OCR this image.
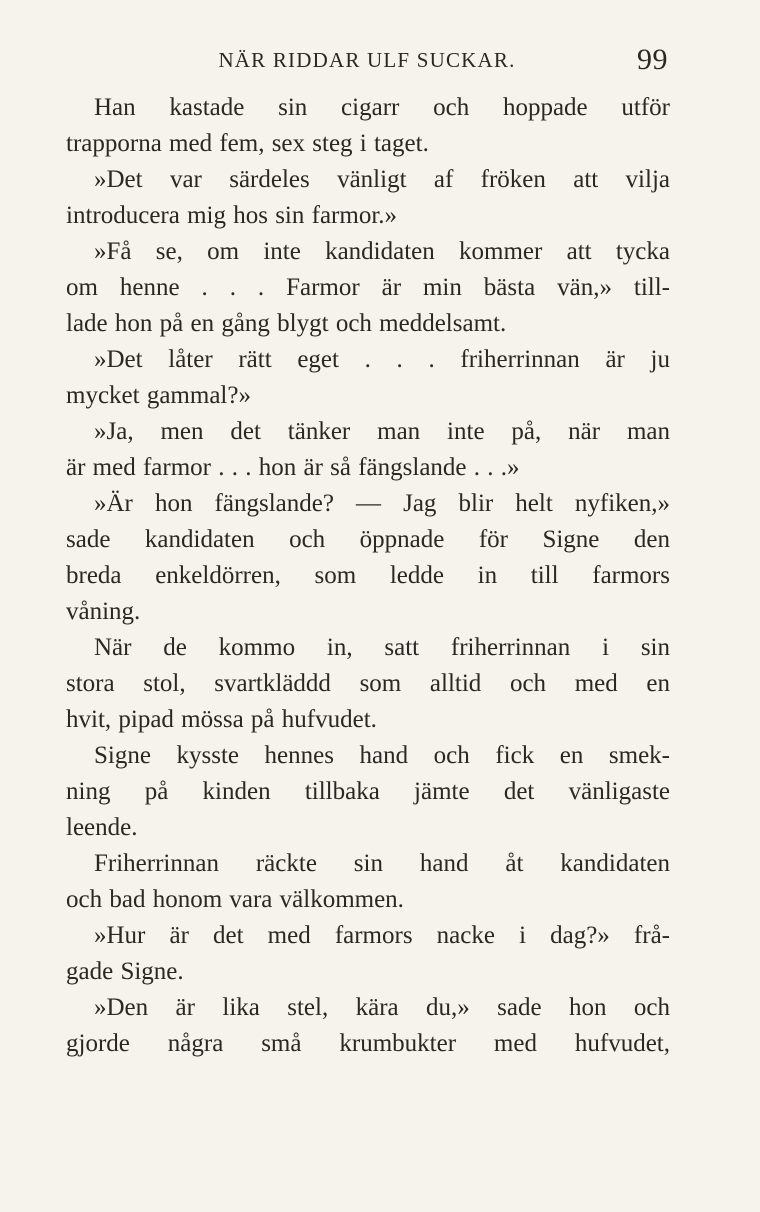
NÄR RIDDAR ULF SUCKAR.	99
Han kastade sin cigarr och hoppade utför
trapporna med fem, sex steg i taget.
»Det var särdeles vänligt af fröken att vilja
introducera mig hos sin farmor.»
»Få se, om inte kandidaten kommer att tycka
om henne . . . Farmor är min bästa vän,» till-
lade hon på en gång blygt och meddelsamt.
»Det låter rätt eget . . . friherrinnan är ju
mycket gammal?»
»Ja, men det tänker man inte på, när man
är med farmor . . . hon är så fängslande . . .»
»Är hon fängslande? — Jag blir helt nyfiken,»
sade kandidaten och öppnade för Signe den
breda enkeldörren, som ledde in till farmors
våning.
När de kommo in, satt friherrinnan i sin
stora stol, svartkläddd som alltid och med en
hvit, pipad mössa på hufvudet.
Signe kysste hennes hand och fick en smek-
ning på kinden tillbaka jämte det vänligaste
leende.
Friherrinnan räckte sin hand åt kandidaten
och bad honom vara välkommen.
»Hur är det med farmors nacke i dag?» frå-
gade Signe.
»Den är lika stel, kära du,» sade hon och
gjorde några små krumbukter med hufvudet,
